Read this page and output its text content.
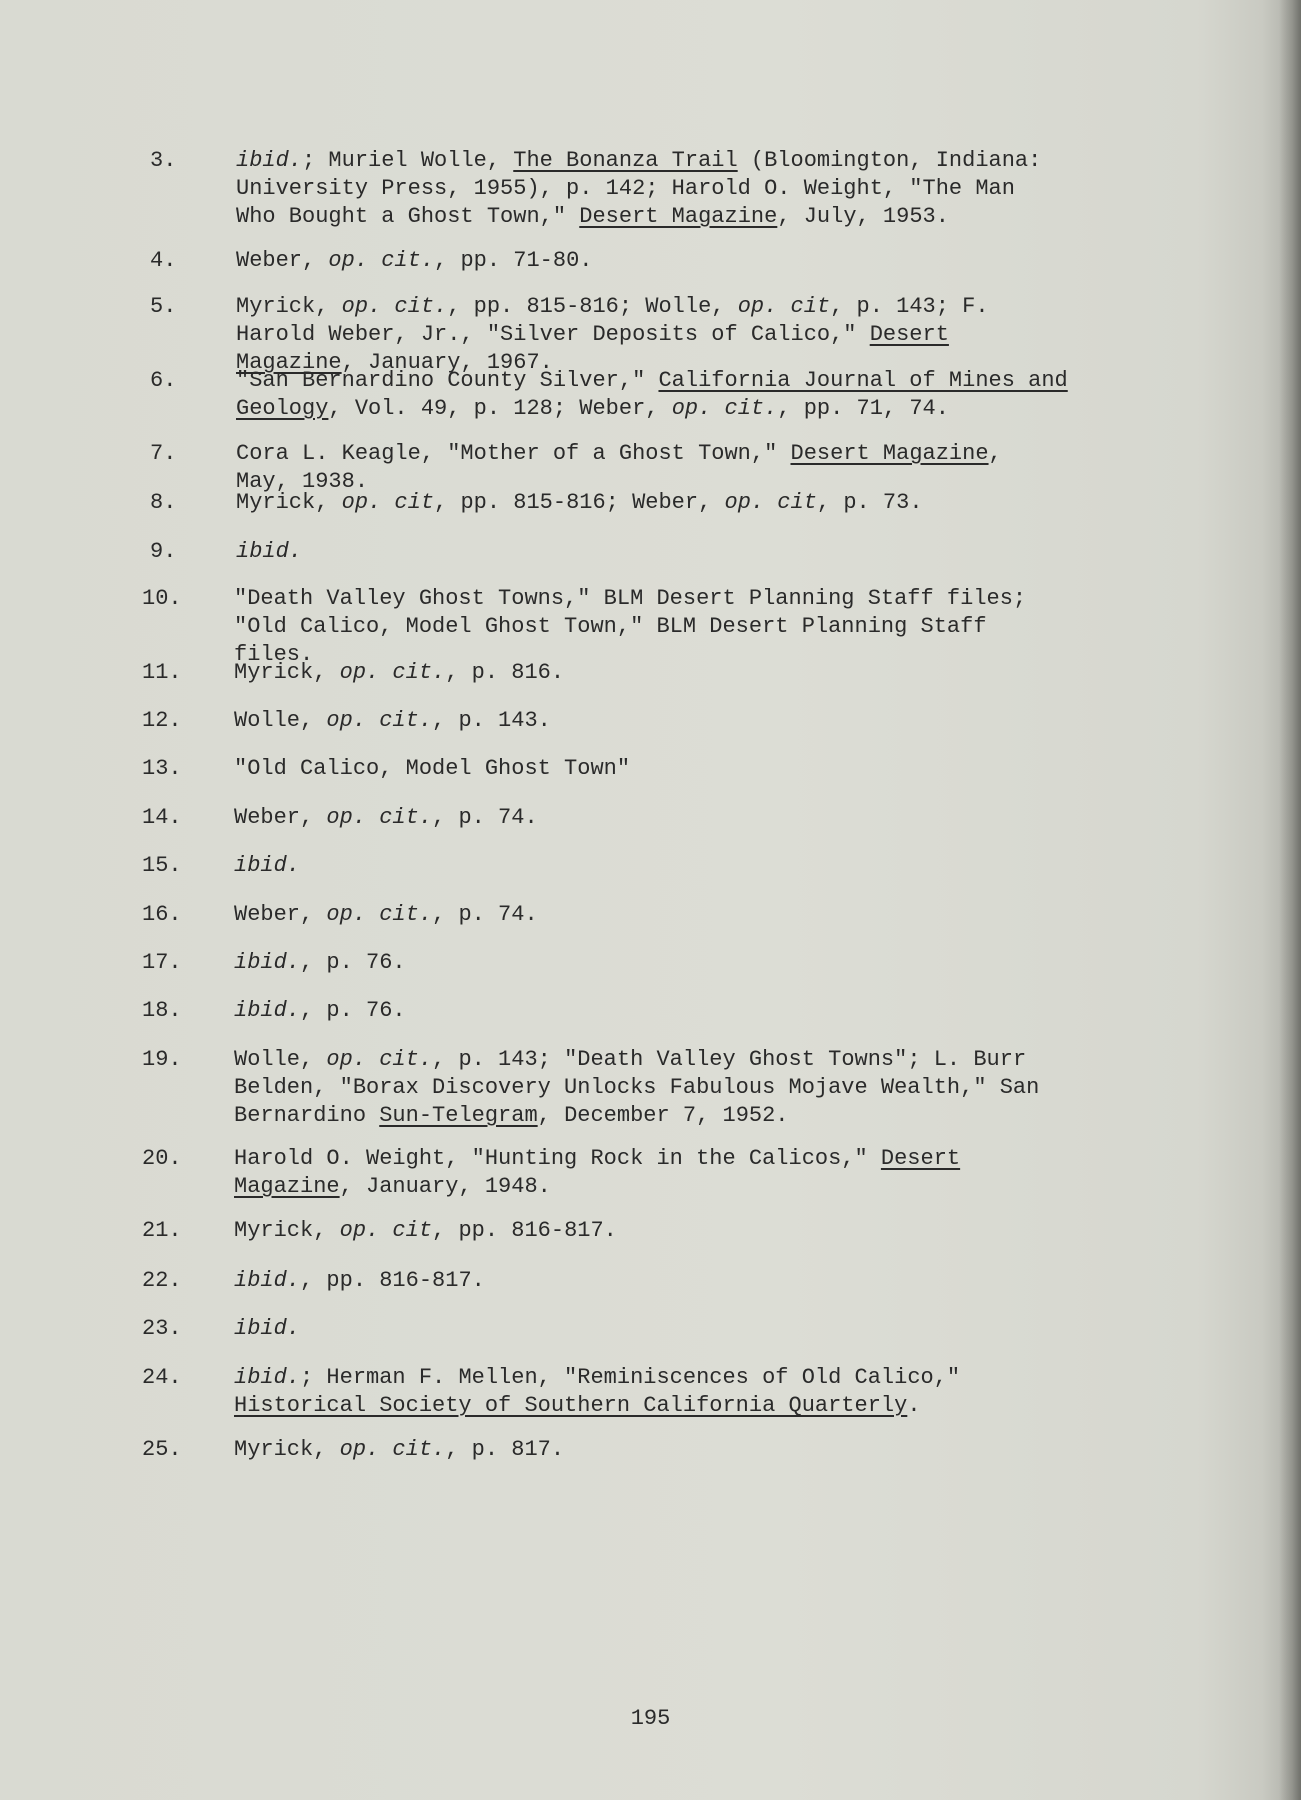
3.	ibid.; Muriel Wolle, The Bonanza Trail (Bloomington, Indiana: University Press, 1955), p. 142; Harold O. Weight, "The Man Who Bought a Ghost Town," Desert Magazine, July, 1953.
4.	Weber, op. cit., pp. 71-80.
5.	Myrick, op. cit., pp. 815-816; Wolle, op. cit, p. 143; F. Harold Weber, Jr., "Silver Deposits of Calico," Desert Magazine, January, 1967.
6.	"San Bernardino County Silver," California Journal of Mines and Geology, Vol. 49, p. 128; Weber, op. cit., pp. 71, 74.
7.	Cora L. Keagle, "Mother of a Ghost Town," Desert Magazine, May, 1938.
8.	Myrick, op. cit, pp. 815-816; Weber, op. cit, p. 73.
9.	ibid.
10.	"Death Valley Ghost Towns," BLM Desert Planning Staff files; "Old Calico, Model Ghost Town," BLM Desert Planning Staff files.
11.	Myrick, op. cit., p. 816.
12.	Wolle, op. cit., p. 143.
13.	"Old Calico, Model Ghost Town"
14.	Weber, op. cit., p. 74.
15.	ibid.
16.	Weber, op. cit., p. 74.
17.	ibid., p. 76.
18.	ibid., p. 76.
19.	Wolle, op. cit., p. 143; "Death Valley Ghost Towns"; L. Burr Belden, "Borax Discovery Unlocks Fabulous Mojave Wealth," San Bernardino Sun-Telegram, December 7, 1952.
20.	Harold O. Weight, "Hunting Rock in the Calicos," Desert Magazine, January, 1948.
21.	Myrick, op. cit, pp. 816-817.
22.	ibid., pp. 816-817.
23.	ibid.
24.	ibid.; Herman F. Mellen, "Reminiscences of Old Calico," Historical Society of Southern California Quarterly.
25.	Myrick, op. cit., p. 817.
195
